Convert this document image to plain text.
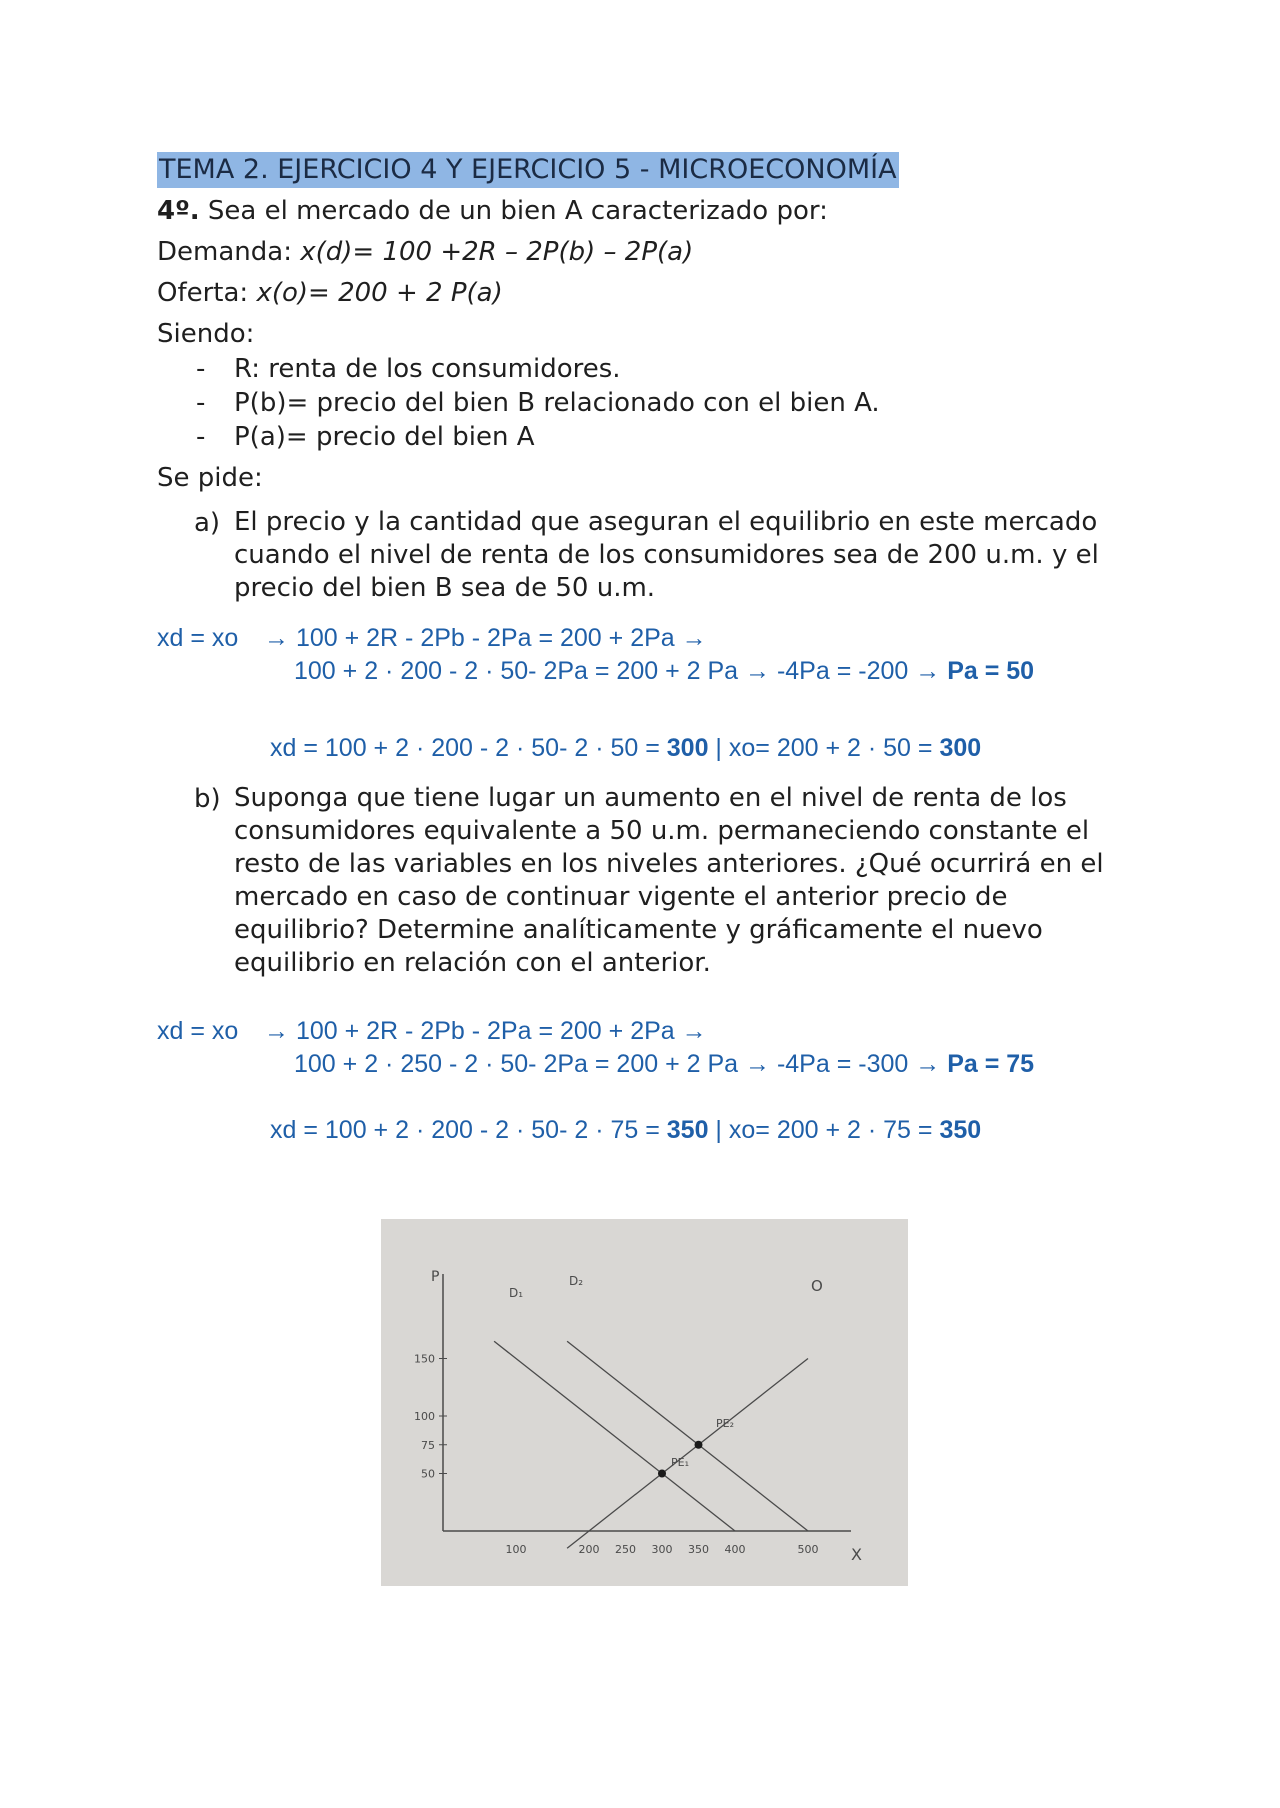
TEMA 2. EJERCICIO 4 Y EJERCICIO 5 - MICROECONOMÍA
4º. Sea el mercado de un bien A caracterizado por:
Demanda: x(d)= 100 +2R – 2P(b) – 2P(a)
Oferta: x(o)= 200 + 2 P(a)
Siendo:
- R: renta de los consumidores.
- P(b)= precio del bien B relacionado con el bien A.
- P(a)= precio del bien A
Se pide:
a) El precio y la cantidad que aseguran el equilibrio en este mercado
cuando el nivel de renta de los consumidores sea de 200 u.m. y el
precio del bien B sea de 50 u.m.
xd = xo → 100 + 2R - 2Pb - 2Pa = 200 + 2Pa →
100 + 2 · 200 - 2 · 50- 2Pa = 200 + 2 Pa → -4Pa = -200 → Pa = 50
xd = 100 + 2 · 200 - 2 · 50- 2 · 50 = 300 | xo= 200 + 2 · 50 = 300
b) Suponga que tiene lugar un aumento en el nivel de renta de los
consumidores equivalente a 50 u.m. permaneciendo constante el
resto de las variables en los niveles anteriores. ¿Qué ocurrirá en el
mercado en caso de continuar vigente el anterior precio de
equilibrio? Determine analíticamente y gráficamente el nuevo
equilibrio en relación con el anterior.
xd = xo → 100 + 2R - 2Pb - 2Pa = 200 + 2Pa →
100 + 2 · 250 - 2 · 50- 2Pa = 200 + 2 Pa → -4Pa = -300 → Pa = 75
xd = 100 + 2 · 200 - 2 · 50- 2 · 75 = 350 | xo= 200 + 2 · 75 = 350
P
X
150
100
75
50
100	200 250 300 350 400	500
D₁
D₂	O
PE₁
PE₂
